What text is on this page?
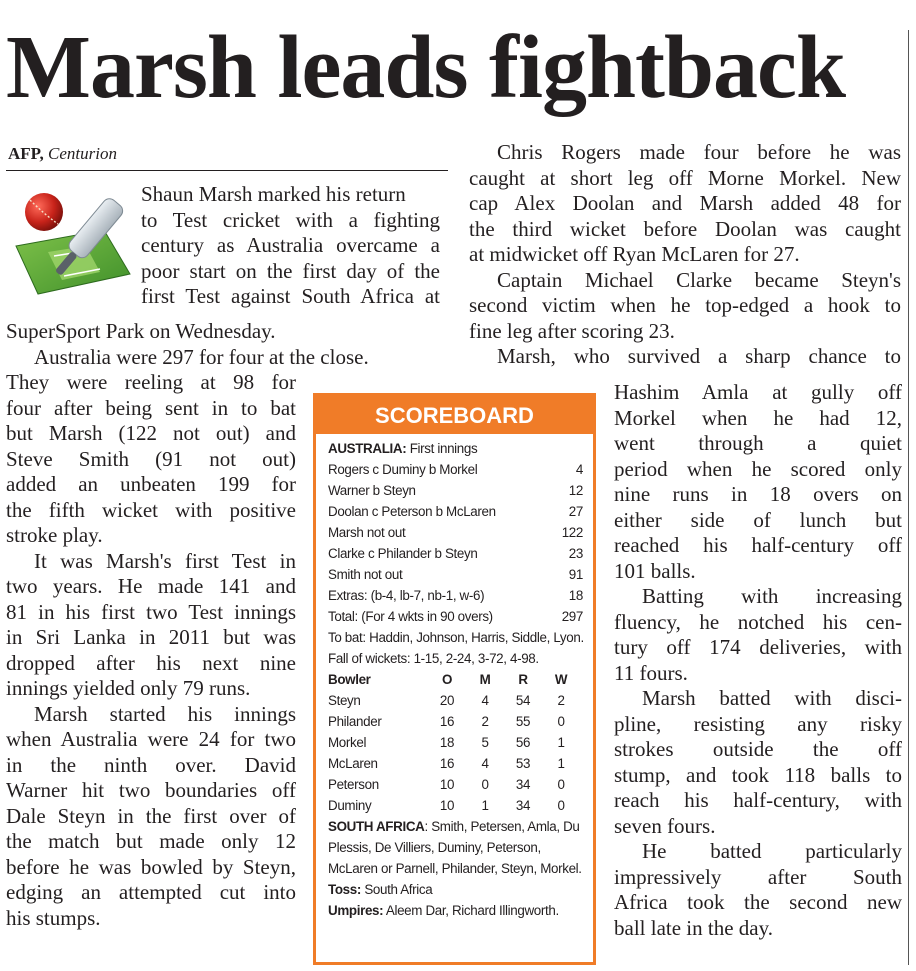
Marsh leads fightback
AFP, Centurion
Shaun Marsh marked his return
to Test cricket with a fighting
century as Australia overcame a
poor start on the first day of the
first Test against South Africa at
SuperSport Park on Wednesday.
Australia were 297 for four at the close.
They were reeling at 98 for
four after being sent in to bat
but Marsh (122 not out) and
Steve Smith (91 not out)
added an unbeaten 199 for
the fifth wicket with positive
stroke play.
It was Marsh's first Test in
two years. He made 141 and
81 in his first two Test innings
in Sri Lanka in 2011 but was
dropped after his next nine
innings yielded only 79 runs.
Marsh started his innings
when Australia were 24 for two
in the ninth over. David
Warner hit two boundaries off
Dale Steyn in the first over of
the match but made only 12
before he was bowled by Steyn,
edging an attempted cut into
his stumps.
Chris Rogers made four before he was
caught at short leg off Morne Morkel. New
cap Alex Doolan and Marsh added 48 for
the third wicket before Doolan was caught
at midwicket off Ryan McLaren for 27.
Captain Michael Clarke became Steyn's
second victim when he top-edged a hook to
fine leg after scoring 23.
Marsh, who survived a sharp chance to
Hashim Amla at gully off
Morkel when he had 12,
went through a quiet
period when he scored only
nine runs in 18 overs on
either side of lunch but
reached his half-century off
101 balls.
Batting with increasing
fluency, he notched his cen-
tury off 174 deliveries, with
11 fours.
Marsh batted with disci-
pline, resisting any risky
strokes outside the off
stump, and took 118 balls to
reach his half-century, with
seven fours.
He batted particularly
impressively after South
Africa took the second new
ball late in the day.
SCOREBOARD
AUSTRALIA: First innings
Rogers c Duminy b Morkel	4
Warner b Steyn	12
Doolan c Peterson b McLaren	27
Marsh not out	122
Clarke c Philander b Steyn	23
Smith not out	91
Extras: (b-4, lb-7, nb-1, w-6)	18
Total: (For 4 wkts in 90 overs)	297
To bat: Haddin, Johnson, Harris, Siddle, Lyon.
Fall of wickets: 1-15, 2-24, 3-72, 4-98.
Bowler	O	M	R	W
Steyn	20	4	54	2
Philander	16	2	55	0
Morkel	18	5	56	1
McLaren	16	4	53	1
Peterson	10	0	34	0
Duminy	10	1	34	0
SOUTH AFRICA: Smith, Petersen, Amla, Du Plessis, De Villiers, Duminy, Peterson, McLaren or Parnell, Philander, Steyn, Morkel.
Toss: South Africa
Umpires: Aleem Dar, Richard Illingworth.
